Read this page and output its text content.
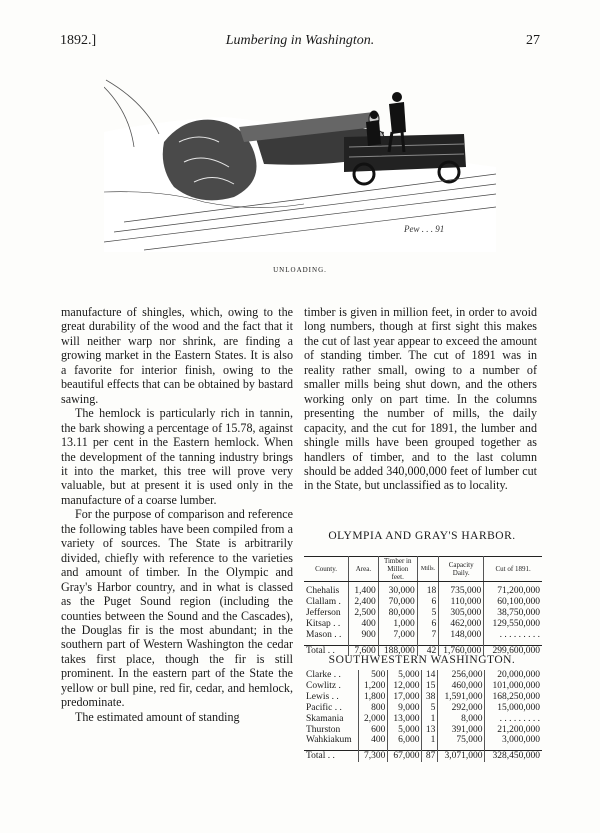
1892.]	Lumbering in Washington.	27
Pew . . . 91
UNLOADING.

manufacture of shingles, which, owing to the great durability of the wood and the fact that it will neither warp nor shrink, are finding a growing market in the Eastern States. It is also a favorite for interior finish, owing to the beautiful effects that can be obtained by bastard sawing.

The hemlock is particularly rich in tannin, the bark showing a percentage of 15.78, against 13.11 per cent in the Eastern hemlock. When the development of the tanning industry brings it into the market, this tree will prove very valuable, but at present it is used only in the manufacture of a coarse lumber.

For the purpose of comparison and reference the following tables have been compiled from a variety of sources. The State is arbitrarily divided, chiefly with reference to the varieties and amount of timber. In the Olympic and Gray's Harbor country, and in what is classed as the Puget Sound region (including the counties between the Sound and the Cascades), the Douglas fir is the most abundant; in the southern part of Western Washington the cedar takes first place, though the fir is still prominent. In the eastern part of the State the yellow or bull pine, red fir, cedar, and hemlock, predominate.

The estimated amount of standing

timber is given in million feet, in order to avoid long numbers, though at first sight this makes the cut of last year appear to exceed the amount of standing timber. The cut of 1891 was in reality rather small, owing to a number of smaller mills being shut down, and the others working only on part time. In the columns presenting the number of mills, the daily capacity, and the cut for 1891, the lumber and shingle mills have been grouped together as handlers of timber, and to the last column should be added 340,000,000 feet of lumber cut in the State, but unclassified as to locality.

OLYMPIA AND GRAY'S HARBOR.
County.	Area.	Timber in Million feet.	Mills.	Capacity Daily.	Cut of 1891.

Chehalis	1,400	30,000	18	735,000	71,200,000
Clallam .	2,400	70,000	6	110,000	60,100,000
Jefferson	2,500	80,000	5	305,000	38,750,000
Kitsap . .	400	1,000	6	462,000	129,550,000
Mason . .	900	7,000	7	148,000	. . . . . . . . .

Total . .	7,600	188,000	42	1,760,000	299,600,000
SOUTHWESTERN WASHINGTON.
Clarke . .	500	5,000	14	256,000	20,000,000
Cowlitz .	1,200	12,000	15	460,000	101,000,000
Lewis . .	1,800	17,000	38	1,591,000	168,250,000
Pacific . .	800	9,000	5	292,000	15,000,000
Skamania	2,000	13,000	1	8,000	. . . . . . . . .
Thurston	600	5,000	13	391,000	21,200,000
Wahkiakum	400	6,000	1	75,000	3,000,000

Total . .	7,300	67,000	87	3,071,000	328,450,000
